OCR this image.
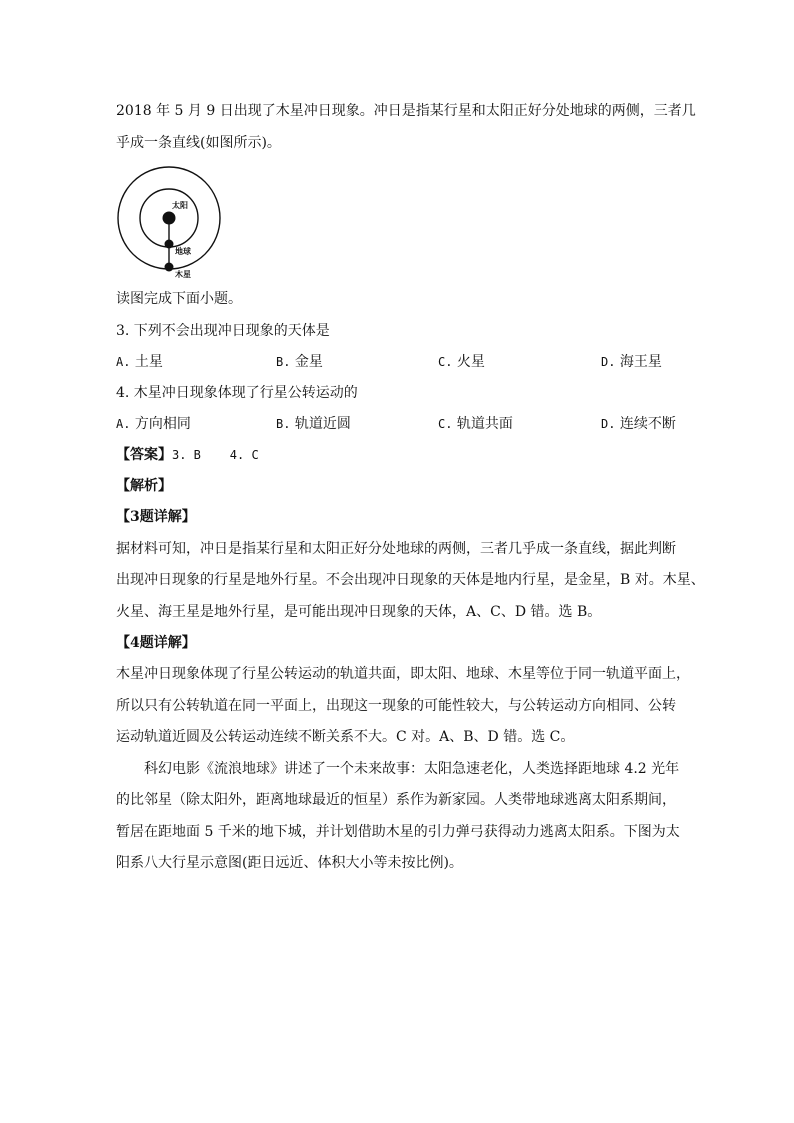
2018 年 5 月 9 日出现了木星冲日现象。冲日是指某行星和太阳正好分处地球的两侧，三者几
乎成一条直线(如图所示)。
太阳
地球
木星
读图完成下面小题。
3. 下列不会出现冲日现象的天体是
A. 土星	B. 金星	C. 火星	D. 海王星
4. 木星冲日现象体现了行星公转运动的
A. 方向相同	B. 轨道近圆	C. 轨道共面	D. 连续不断
【答案】3. B    4. C
【解析】
【3题详解】
据材料可知，冲日是指某行星和太阳正好分处地球的两侧，三者几乎成一条直线，据此判断
出现冲日现象的行星是地外行星。不会出现冲日现象的天体是地内行星，是金星，B 对。木星、
火星、海王星是地外行星，是可能出现冲日现象的天体，A、C、D 错。选 B。
【4题详解】
木星冲日现象体现了行星公转运动的轨道共面，即太阳、地球、木星等位于同一轨道平面上，
所以只有公转轨道在同一平面上，出现这一现象的可能性较大，与公转运动方向相同、公转
运动轨道近圆及公转运动连续不断关系不大。C 对。A、B、D 错。选 C。
科幻电影《流浪地球》讲述了一个未来故事：太阳急速老化，人类选择距地球 4.2 光年
的比邻星（除太阳外，距离地球最近的恒星）系作为新家园。人类带地球逃离太阳系期间，
暂居在距地面 5 千米的地下城，并计划借助木星的引力弹弓获得动力逃离太阳系。下图为太
阳系八大行星示意图(距日远近、体积大小等未按比例)。
